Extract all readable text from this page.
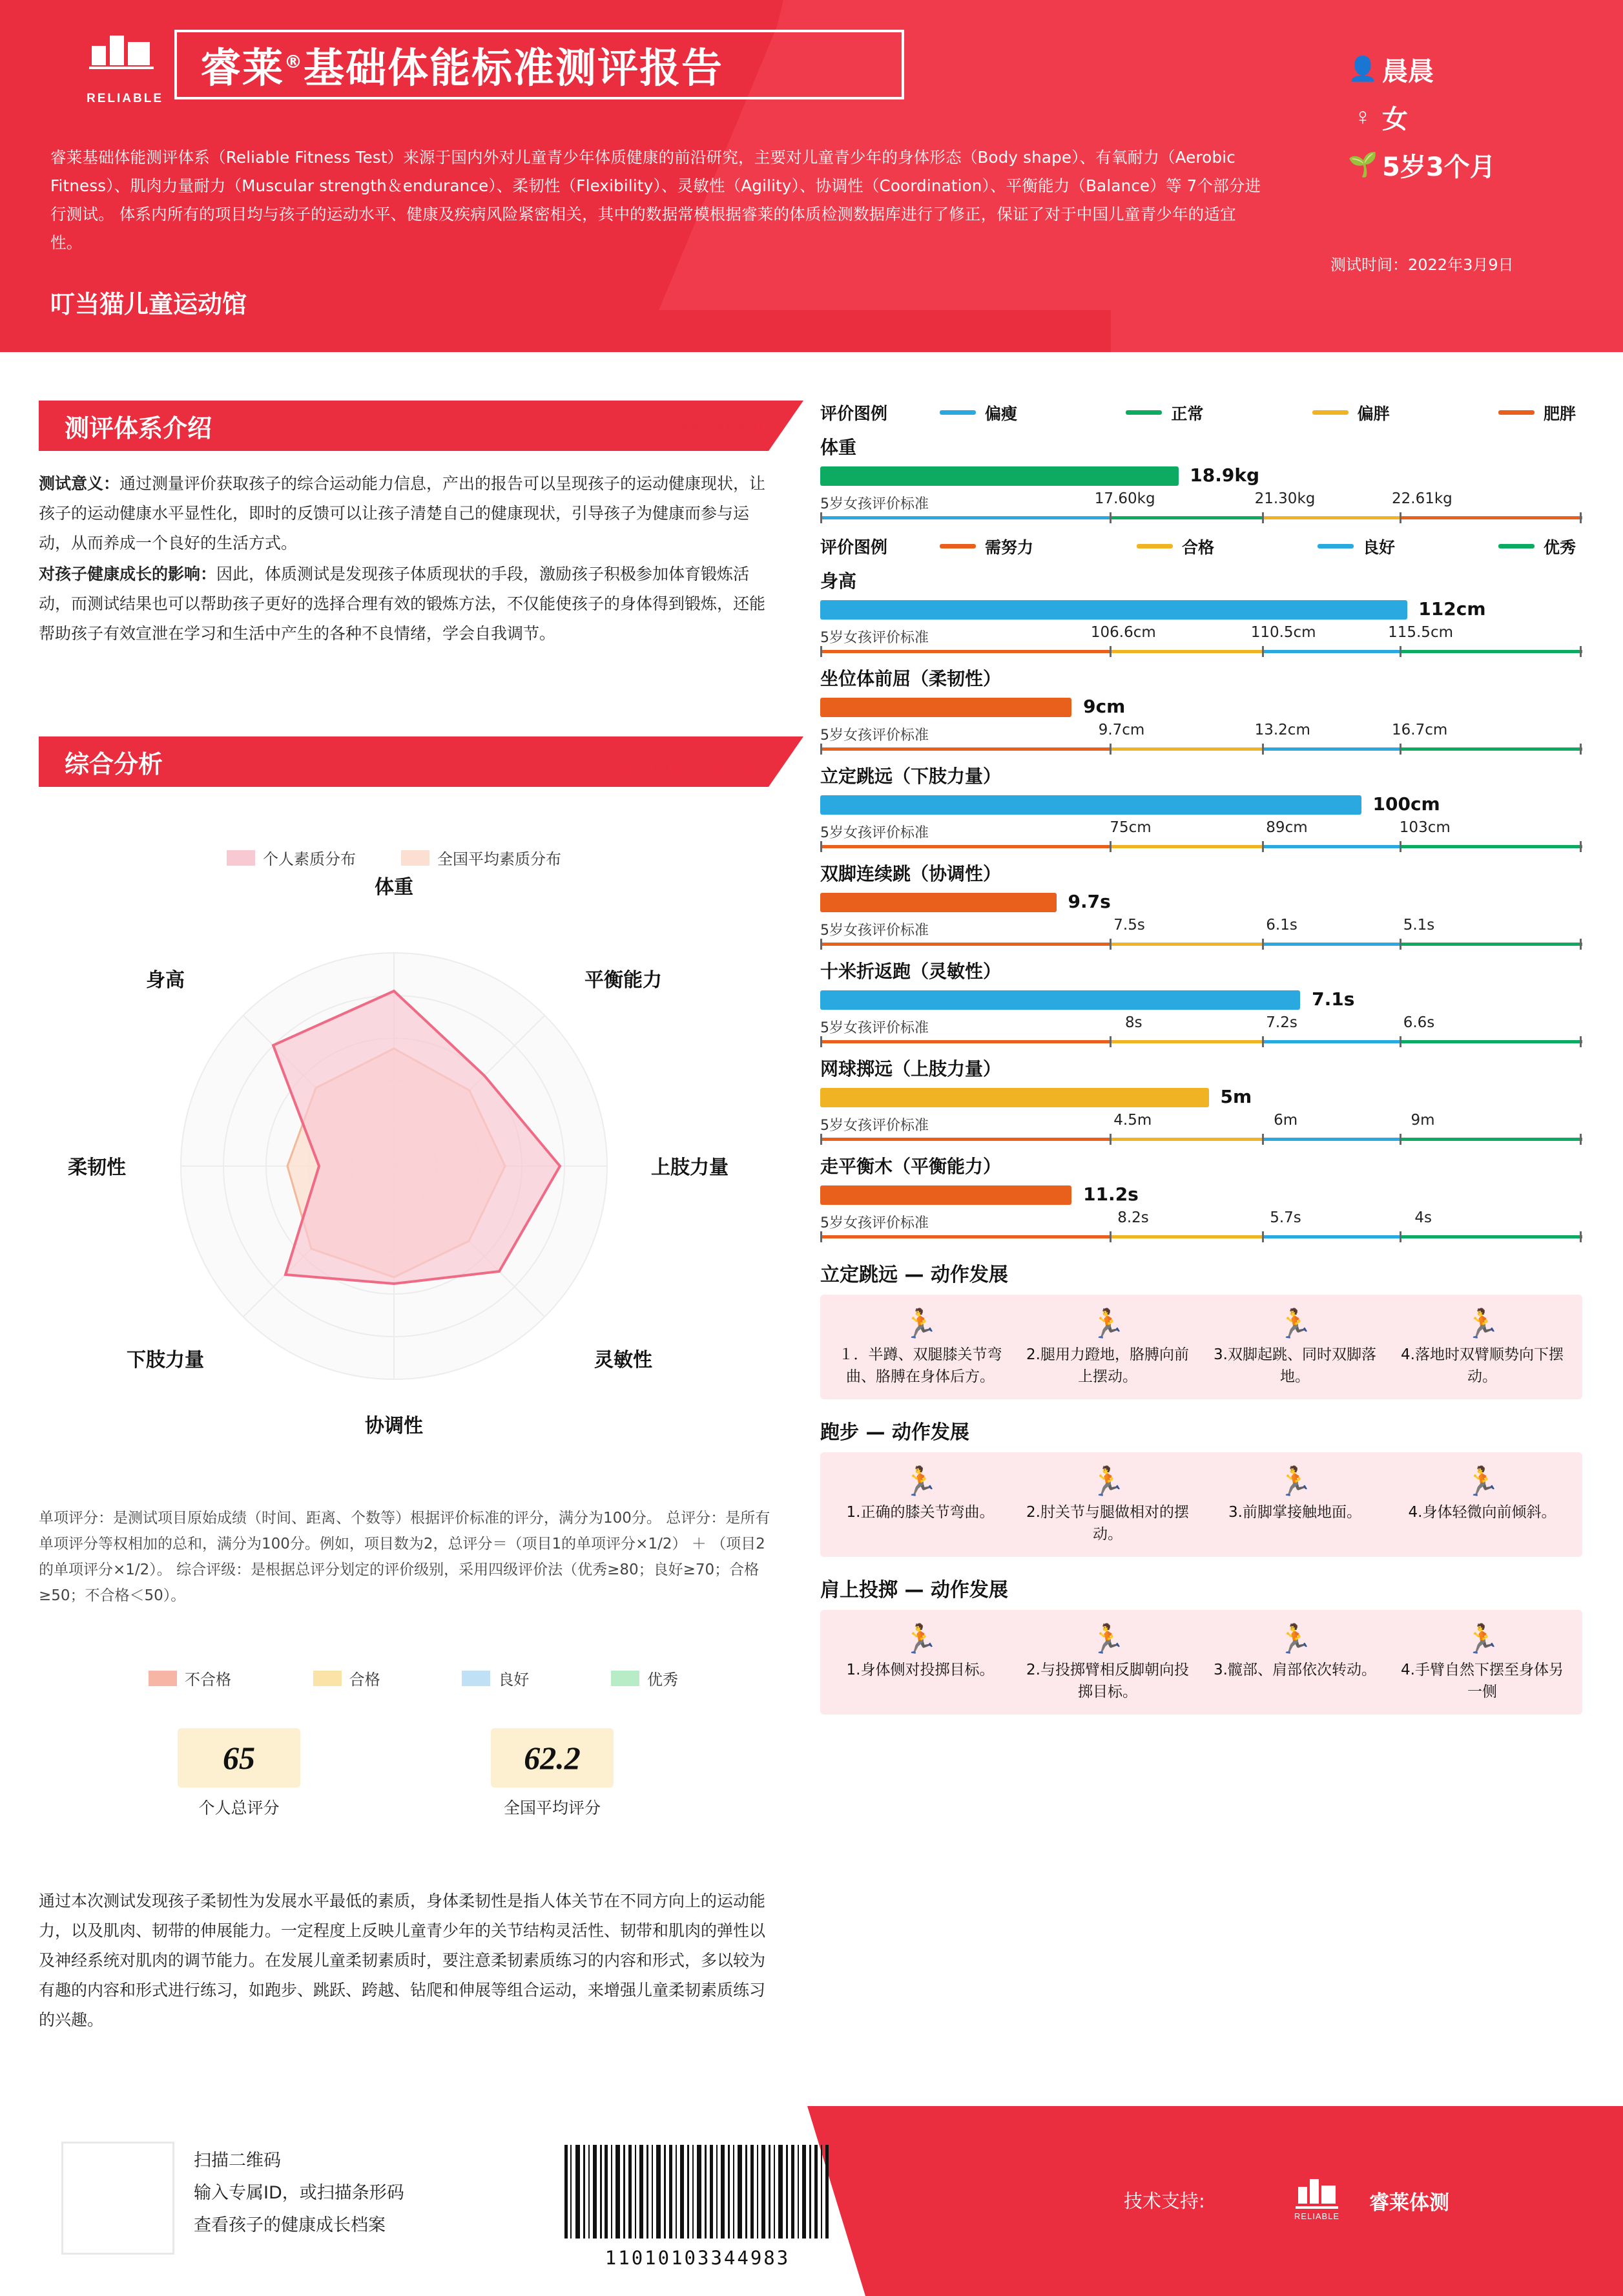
RELIABLE
睿莱®基础体能标准测评报告
睿莱基础体能测评体系（Reliable Fitness Test）来源于国内外对儿童青少年体质健康的前沿研究，主要对儿童青少年的身体形态（Body shape）、有氧耐力（Aerobic Fitness）、肌肉力量耐力（Muscular strength＆endurance）、柔韧性（Flexibility）、灵敏性（Agility）、协调性（Coordination）、平衡能力（Balance）等 7个部分进行测试。 体系内所有的项目均与孩子的运动水平、健康及疾病风险紧密相关，其中的数据常模根据睿莱的体质检测数据库进行了修正，保证了对于中国儿童青少年的适宜性。
叮当猫儿童运动馆
👤 晨晨
♀ 女
🌱 5岁3个月
测试时间：2022年3月9日
测评体系介绍	System introduction
测试意义：通过测量评价获取孩子的综合运动能力信息，产出的报告可以呈现孩子的运动健康现状，让孩子的运动健康水平显性化，即时的反馈可以让孩子清楚自己的健康现状，引导孩子为健康而参与运动，从而养成一个良好的生活方式。
对孩子健康成长的影响：因此，体质测试是发现孩子体质现状的手段，激励孩子积极参加体育锻炼活动，而测试结果也可以帮助孩子更好的选择合理有效的锻炼方法，不仅能使孩子的身体得到锻炼，还能帮助孩子有效宣泄在学习和生活中产生的各种不良情绪，学会自我调节。
综合分析	comprehensive analysis
个人素质分布	全国平均素质分布
体重
平衡能力
上肢力量
灵敏性
协调性
下肢力量
柔韧性
身高
单项评分：是测试项目原始成绩（时间、距离、个数等）根据评价标准的评分，满分为100分。 总评分：是所有单项评分等权相加的总和，满分为100分。例如，项目数为2，总评分＝（项目1的单项评分×1/2） ＋ （项目2的单项评分×1/2）。 综合评级：是根据总评分划定的评价级别，采用四级评价法（优秀≥80；良好≥70；合格≥50；不合格＜50）。
不合格	合格	良好	优秀
65
个人总评分
62.2
全国平均评分
通过本次测试发现孩子柔韧性为发展水平最低的素质，身体柔韧性是指人体关节在不同方向上的运动能力，以及肌肉、韧带的伸展能力。一定程度上反映儿童青少年的关节结构灵活性、韧带和肌肉的弹性以及神经系统对肌肉的调节能力。在发展儿童柔韧素质时，要注意柔韧素质练习的内容和形式，多以较为有趣的内容和形式进行练习，如跑步、跳跃、跨越、钻爬和伸展等组合运动，来增强儿童柔韧素质练习的兴趣。
评价图例	偏瘦	正常	偏胖	肥胖
体重
18.9kg
5岁女孩评价标准	17.60kg	21.30kg	22.61kg
评价图例	需努力	合格	良好	优秀
身高
112cm
5岁女孩评价标准	106.6cm	110.5cm	115.5cm
坐位体前屈（柔韧性）
9cm
5岁女孩评价标准	9.7cm	13.2cm	16.7cm
立定跳远（下肢力量）
100cm
5岁女孩评价标准	75cm	89cm	103cm
双脚连续跳（协调性）
9.7s
5岁女孩评价标准	7.5s	6.1s	5.1s
十米折返跑（灵敏性）
7.1s
5岁女孩评价标准	8s	7.2s	6.6s
网球掷远（上肢力量）
5m
5岁女孩评价标准	4.5m	6m	9m
走平衡木（平衡能力）
11.2s
5岁女孩评价标准	8.2s	5.7s	4s
立定跳远 — 动作发展
🏃
１．半蹲、双腿膝关节弯曲、胳膊在身体后方。
🏃
2.腿用力蹬地，胳膊向前上摆动。
🏃
3.双脚起跳、同时双脚落地。
🏃
4.落地时双臂顺势向下摆动。
跑步 — 动作发展
🏃
1.正确的膝关节弯曲。
🏃
2.肘关节与腿做相对的摆动。
🏃
3.前脚掌接触地面。
🏃
4.身体轻微向前倾斜。
肩上投掷 — 动作发展
🏃
1.身体侧对投掷目标。
🏃
2.与投掷臂相反脚朝向投掷目标。
🏃
3.髋部、肩部依次转动。
🏃
4.手臂自然下摆至身体另一侧
扫描二维码
输入专属ID，或扫描条形码
查看孩子的健康成长档案
11010103344983
技术支持:
RELIABLE
睿莱体测
